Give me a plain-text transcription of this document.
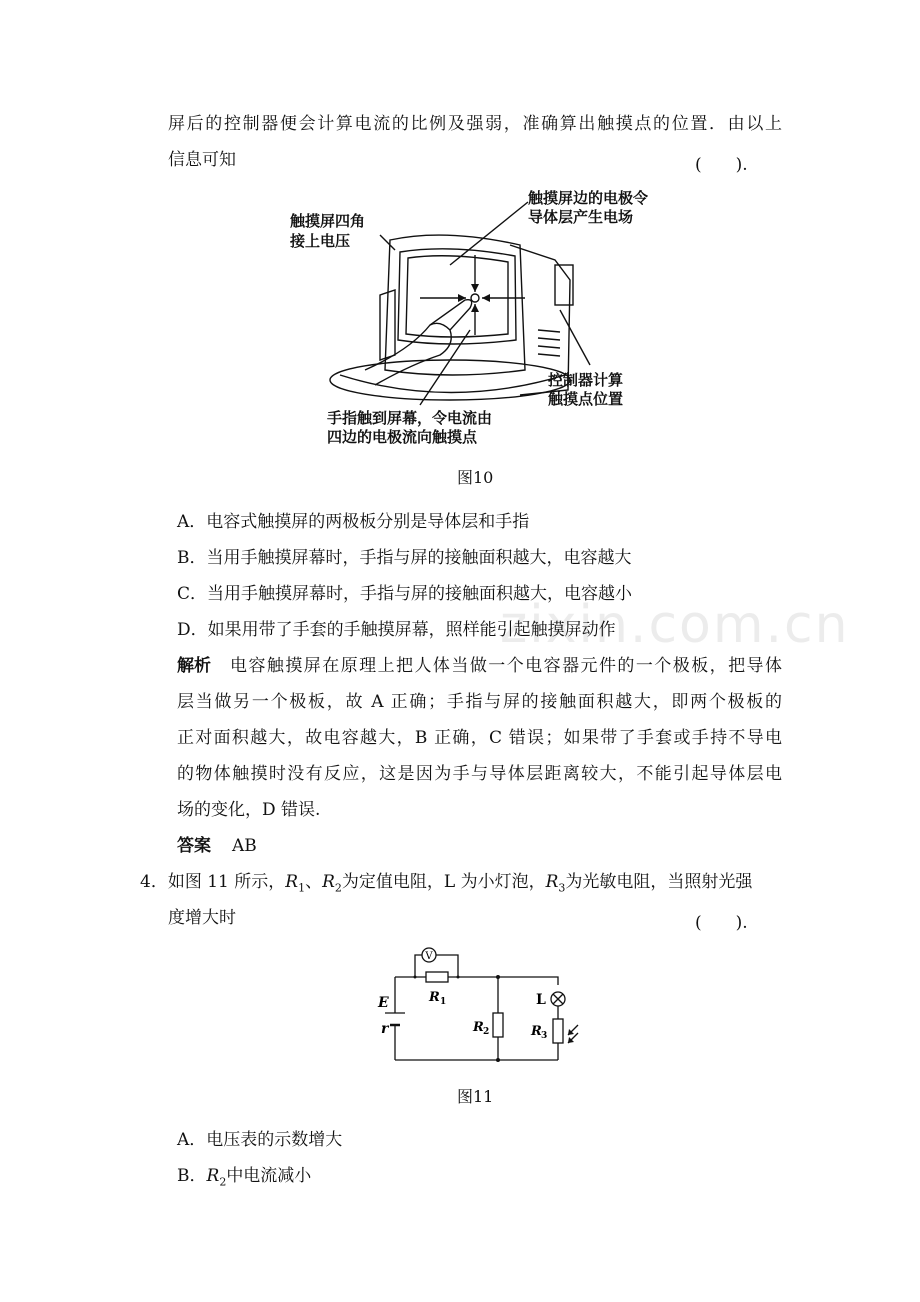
zixin.com.cn
屏后的控制器便会计算电流的比例及强弱，准确算出触摸点的位置．由以上
信息可知	(　　).
触摸屏四角
接上电压
触摸屏边的电极令
导体层产生电场
控制器计算
触摸点位置
手指触到屏幕，令电流由
四边的电极流向触摸点
图10
A．电容式触摸屏的两极板分别是导体层和手指
B．当用手触摸屏幕时，手指与屏的接触面积越大，电容越大
C．当用手触摸屏幕时，手指与屏的接触面积越大，电容越小
D．如果用带了手套的手触摸屏幕，照样能引起触摸屏动作
解析 电容触摸屏在原理上把人体当做一个电容器元件的一个极板，把导体
层当做另一个极板，故 A 正确；手指与屏的接触面积越大，即两个极板的
正对面积越大，故电容越大，B 正确，C 错误；如果带了手套或手持不导电
的物体触摸时没有反应，这是因为手与导体层距离较大，不能引起导体层电
场的变化，D 错误.
答案 AB
4．如图 11 所示，$R_1$、$R_2$为定值电阻，L 为小灯泡，$R_3$为光敏电阻，当照射光强
度增大时	(　　).
V
E
r
R 1
R 2
L
R 3
图11
A．电压表的示数增大
B．$R_2$中电流减小
